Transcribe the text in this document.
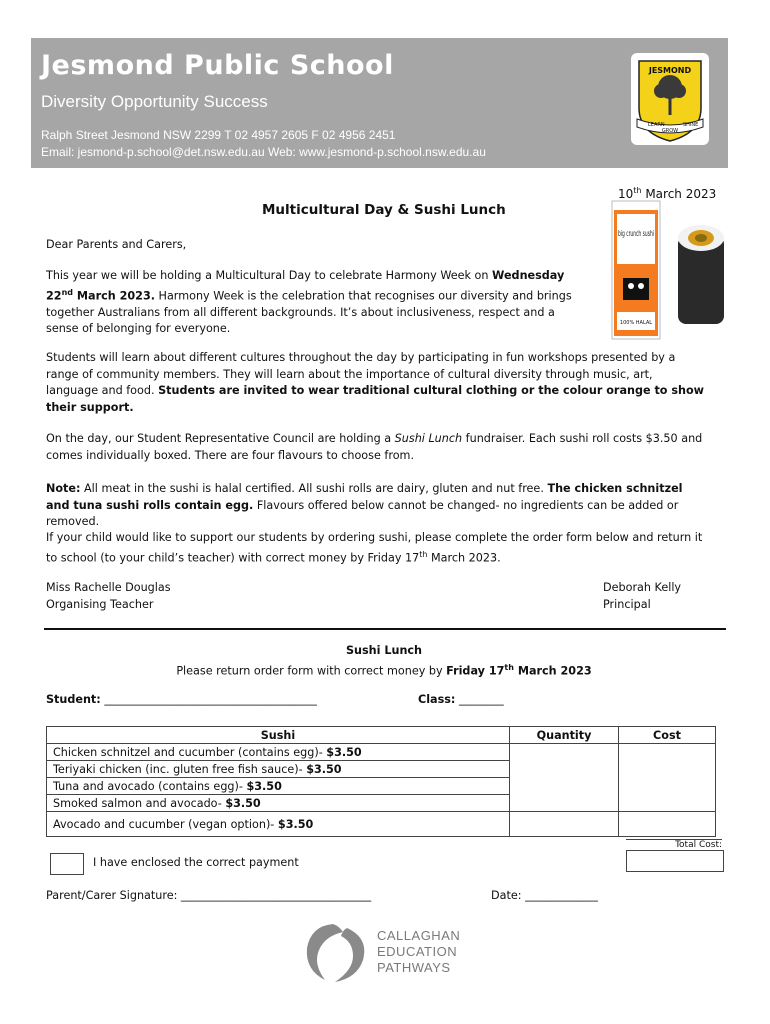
Jesmond Public School
Diversity Opportunity Success
Ralph Street Jesmond NSW 2299 T 02 4957 2605 F 02 4956 2451
Email: jesmond-p.school@det.nsw.edu.au Web: www.jesmond-p.school.nsw.edu.au
JESMOND
LEARN
GROW
SHINE
10th March 2023
Multicultural Day & Sushi Lunch
big crunch sushi
100% HALAL
Dear Parents and Carers,
This year we will be holding a Multicultural Day to celebrate Harmony Week on Wednesday 22nd March 2023. Harmony Week is the celebration that recognises our diversity and brings together Australians from all different backgrounds. It’s about inclusiveness, respect and a sense of belonging for everyone.
Students will learn about different cultures throughout the day by participating in fun workshops presented by a range of community members. They will learn about the importance of cultural diversity through music, art, language and food. Students are invited to wear traditional cultural clothing or the colour orange to show their support.
On the day, our Student Representative Council are holding a Sushi Lunch fundraiser. Each sushi roll costs $3.50 and comes individually boxed. There are four flavours to choose from.
Note: All meat in the sushi is halal certified. All sushi rolls are dairy, gluten and nut free. The chicken schnitzel and tuna sushi rolls contain egg. Flavours offered below cannot be changed- no ingredients can be added or removed.
If your child would like to support our students by ordering sushi, please complete the order form below and return it to school (to your child’s teacher) with correct money by Friday 17th March 2023.
Miss Rachelle Douglas
Organising Teacher
Deborah Kelly
Principal
Sushi Lunch
Please return order form with correct money by Friday 17th March 2023
Student: ______________________________________	Class: ________
Sushi	Quantity	Cost
Chicken schnitzel and cucumber (contains egg)- $3.50		
Teriyaki chicken (inc. gluten free fish sauce)- $3.50		
Tuna and avocado (contains egg)- $3.50		
Smoked salmon and avocado- $3.50		
Avocado and cucumber (vegan option)- $3.50		
Total Cost:
I have enclosed the correct payment
Parent/Carer Signature: __________________________________	Date: _____________
CALLAGHAN
EDUCATION
PATHWAYS
